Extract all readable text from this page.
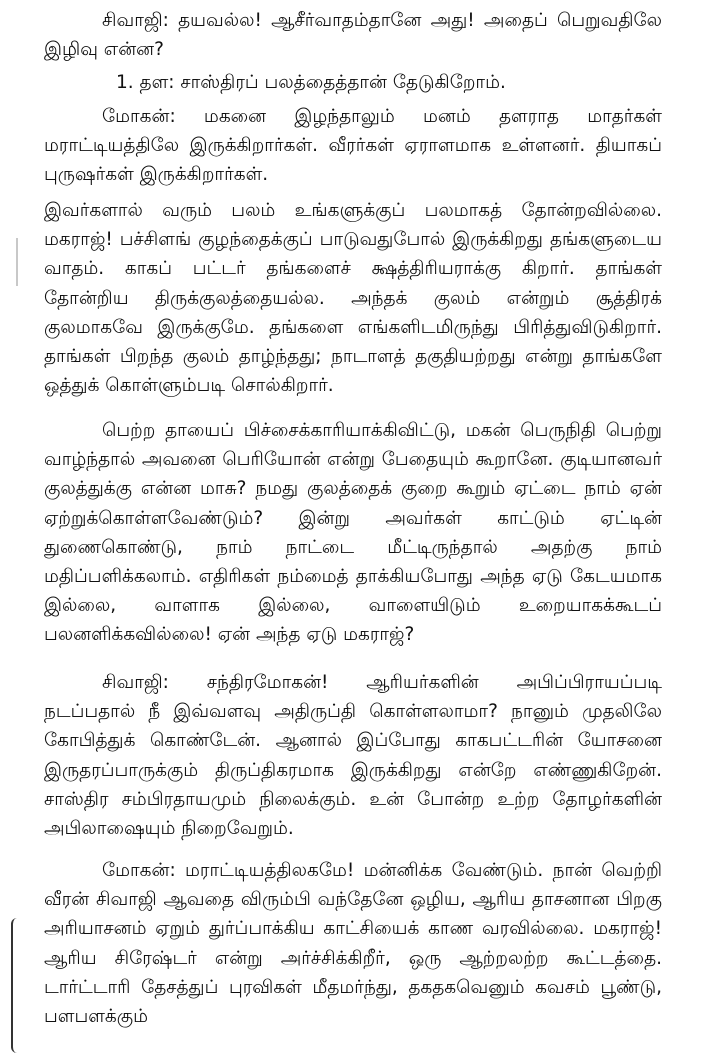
சிவாஜி: தயவல்ல! ஆசீர்வாதம்தானே அது! அதைப் பெறுவதிலே இழிவு என்ன?

1. தள: சாஸ்திரப் பலத்தைத்தான் தேடுகிறோம்.

மோகன்: மகனை இழந்தாலும் மனம் தளராத மாதர்கள் மராட்டியத்திலே இருக்கிறார்கள். வீரர்கள் ஏராளமாக உள்ளனர். தியாகப் புருஷர்கள் இருக்கிறார்கள்.

இவர்களால் வரும் பலம் உங்களுக்குப் பலமாகத் தோன்றவில்லை. மகராஜ்! பச்சிளங் குழந்தைக்குப் பாடுவதுபோல் இருக்கிறது தங்களுடைய வாதம். காகப் பட்டர் தங்களைச் க்ஷத்திரியராக்கு கிறார். தாங்கள் தோன்றிய திருக்குலத்தையல்ல. அந்தக் குலம் என்றும் சூத்திரக் குலமாகவே இருக்குமே. தங்களை எங்களிடமிருந்து பிரித்துவிடுகிறார். தாங்கள் பிறந்த குலம் தாழ்ந்தது; நாடாளத் தகுதியற்றது என்று தாங்களே ஒத்துக் கொள்ளும்படி சொல்கிறார்.

பெற்ற தாயைப் பிச்சைக்காரியாக்கிவிட்டு, மகன் பெருநிதி பெற்று வாழ்ந்தால் அவனை பெரியோன் என்று பேதையும் கூறானே. குடியானவர் குலத்துக்கு என்ன மாசு? நமது குலத்தைக் குறை கூறும் ஏட்டை நாம் ஏன் ஏற்றுக்கொள்ளவேண்டும்? இன்று அவர்கள் காட்டும் ஏட்டின் துணைகொண்டு, நாம் நாட்டை மீட்டிருந்தால் அதற்கு நாம் மதிப்பளிக்கலாம். எதிரிகள் நம்மைத் தாக்கியபோது அந்த ஏடு கேடயமாக இல்லை, வாளாக இல்லை, வாளையிடும் உறையாகக்கூடப் பலனளிக்கவில்லை! ஏன் அந்த ஏடு மகராஜ்?

சிவாஜி: சந்திரமோகன்! ஆரியர்களின் அபிப்பிராயப்படி நடப்பதால் நீ இவ்வளவு அதிருப்தி கொள்ளலாமா? நானும் முதலிலே கோபித்துக் கொண்டேன். ஆனால் இப்போது காகபட்டரின் யோசனை இருதரப்பாருக்கும் திருப்திகரமாக இருக்கிறது என்றே எண்ணுகிறேன். சாஸ்திர சம்பிரதாயமும் நிலைக்கும். உன் போன்ற உற்ற தோழர்களின் அபிலாஷையும் நிறைவேறும்.

மோகன்: மராட்டியத்திலகமே! மன்னிக்க வேண்டும். நான் வெற்றி வீரன் சிவாஜி ஆவதை விரும்பி வந்தேனே ஒழிய, ஆரிய தாசனான பிறகு அரியாசனம் ஏறும் துர்ப்பாக்கிய காட்சியைக் காண வரவில்லை. மகராஜ்! ஆரிய சிரேஷ்டர் என்று அர்ச்சிக்கிறீர், ஒரு ஆற்றலற்ற கூட்டத்தை. டார்ட்டாரி தேசத்துப் புரவிகள் மீதமர்ந்து, தகதகவெனும் கவசம் பூண்டு, பளபளக்கும்
